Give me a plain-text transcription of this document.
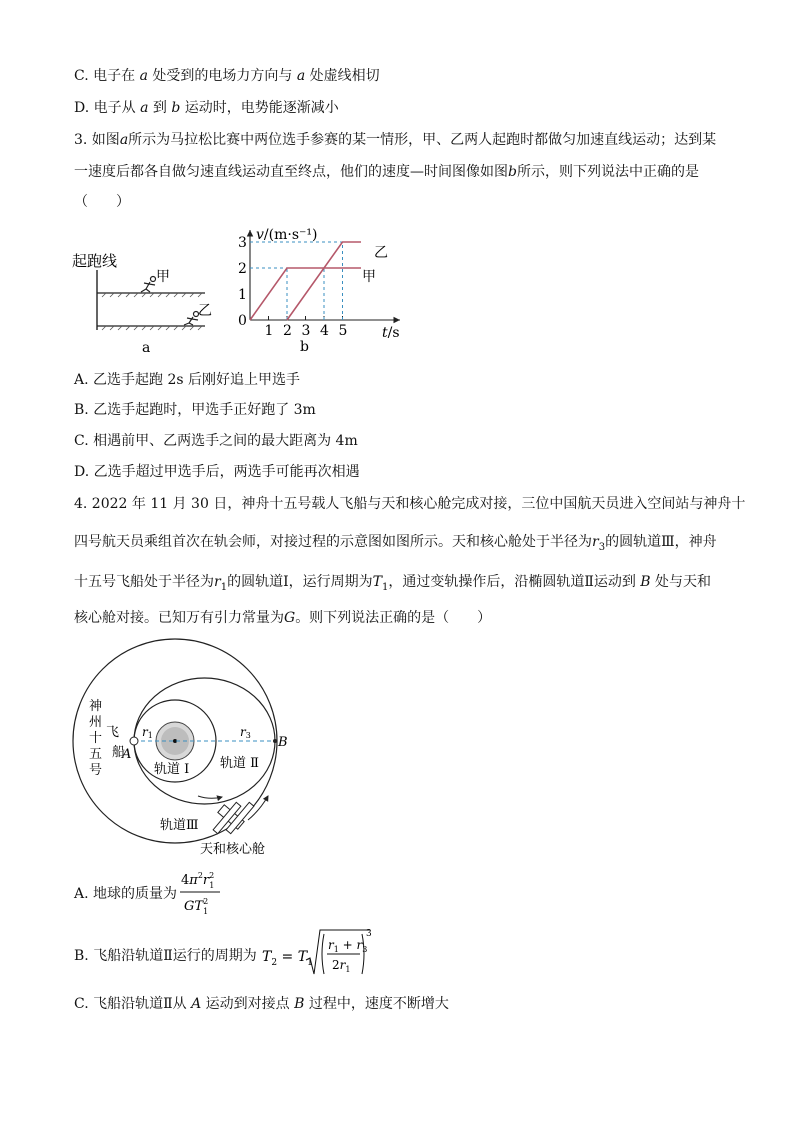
C. 电子在 a 处受到的电场力方向与 a 处虚线相切
D. 电子从 a 到 b 运动时，电势能逐渐减小
3. 如图a所示为马拉松比赛中两位选手参赛的某一情形，甲、乙两人起跑时都做匀加速直线运动；达到某
一速度后都各自做匀速直线运动直至终点，他们的速度—时间图像如图b所示，则下列说法中正确的是
（　　）
起跑线
甲
乙
a
v/(m·s⁻¹)
t/s
0
1
2
3
1 2 3 4 5
乙
甲
b
A. 乙选手起跑 2s 后刚好追上甲选手
B. 乙选手起跑时，甲选手正好跑了 3m
C. 相遇前甲、乙两选手之间的最大距离为 4m
D. 乙选手超过甲选手后，两选手可能再次相遇
4. 2022 年 11 月 30 日，神舟十五号载人飞船与天和核心舱完成对接，三位中国航天员进入空间站与神舟十
四号航天员乘组首次在轨会师，对接过程的示意图如图所示。天和核心舱处于半径为$r_3$的圆轨道Ⅲ，神舟
十五号飞船处于半径为$r_1$的圆轨道Ⅰ，运行周期为$T_1$，通过变轨操作后，沿椭圆轨道Ⅱ运动到 B 处与天和
核心舱对接。已知万有引力常量为G。则下列说法正确的是（　　）
神
州
十
五
号
飞
船
A
B
r1	r3
轨道 Ⅰ 轨道 Ⅱ
轨道Ⅲ
天和核心舱
A. 地球的质量为
$4\pi^2r^2$ 1
$GT^2$ 1
B. 飞船沿轨道Ⅱ运行的周期为 $T_2 = T_1$
$r_1 + r_3$
$2r_1$
3
C. 飞船沿轨道Ⅱ从 A 运动到对接点 B 过程中，速度不断增大
